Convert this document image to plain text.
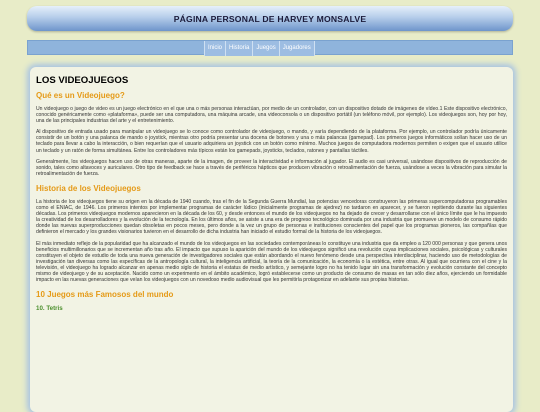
PÁGINA PERSONAL DE HARVEY MONSALVE
Inicio	Historia	Juegos	Jugadores
LOS VIDEOJUEGOS
Qué es un Videojuego?

Un videojuego o juego de video es un juego electrónico en el que una o más personas interactúan, por medio de un controlador, con un dispositivo dotado de imágenes de vídeo.1 Este dispositivo electrónico, conocido genéricamente como «plataforma», puede ser una computadora, una máquina arcade, una videoconsola o un dispositivo portátil (un teléfono móvil, por ejemplo). Los videojuegos son, hoy por hoy, una de las principales industrias del arte y el entretenimiento.

Al dispositivo de entrada usado para manipular un videojuego se lo conoce como controlador de videojuego, o mando, y varía dependiendo de la plataforma. Por ejemplo, un controlador podría únicamente consistir de un botón y una palanca de mando o joystick, mientras otro podría presentar una docena de botones y una o más palancas (gamepad). Los primeros juegos informáticos solían hacer uso de un teclado para llevar a cabo la interacción, o bien requerían que el usuario adquiriera un joystick con un botón como mínimo. Muchos juegos de computadora modernos permiten o exigen que el usuario utilice un teclado y un ratón de forma simultánea. Entre los controladores más típicos están los gamepads, joysticks, teclados, ratones y pantallas táctiles.

Generalmente, los videojuegos hacen uso de otras maneras, aparte de la imagen, de proveer la interactividad e información al jugador. El audio es casi universal, usándose dispositivos de reproducción de sonido, tales como altavoces y auriculares. Otro tipo de feedback se hace a través de periféricos hápticos que producen vibración o retroalimentación de fuerza, usándose a veces la vibración para simular la retroalimentación de fuerza.

Historia de los Videojuegos

La historia de los videojuegos tiene su origen en la década de 1940 cuando, tras el fin de la Segunda Guerra Mundial, las potencias vencedoras construyeron las primeras supercomputadoras programables como el ENIAC, de 1946. Los primeros intentos por implementar programas de carácter lúdico (inicialmente programas de ajedrez) no tardaron en aparecer, y se fueron repitiendo durante las siguientes décadas. Los primeros videojuegos modernos aparecieron en la década de los 60, y desde entonces el mundo de los videojuegos no ha dejado de crecer y desarrollarse con el único límite que le ha impuesto la creatividad de los desarrolladores y la evolución de la tecnología. En los últimos años, se asiste a una era de progreso tecnológico dominada por una industria que promueve un modelo de consumo rápido donde las nuevas superproducciones quedan obsoletas en pocos meses, pero donde a la vez un grupo de personas e instituciones conscientes del papel que los programas pioneros, las compañías que definieron el mercado y los grandes visionarios tuvieron en el desarrollo de dicha industria han iniciado el estudio formal de la historia de los videojuegos.

El más inmediato reflejo de la popularidad que ha alcanzado el mundo de los videojuegos en las sociedades contemporáneas lo constituye una industria que da empleo a 120 000 personas y que genera unos beneficios multimillonarios que se incrementan año tras año. El impacto que supuso la aparición del mundo de los videojuegos significó una revolución cuyas implicaciones sociales, psicológicas y culturales constituyen el objeto de estudio de toda una nueva generación de investigadores sociales que están abordando el nuevo fenómeno desde una perspectiva interdisciplinar, haciendo uso de metodologías de investigación tan diversas como las específicas de la antropología cultural, la inteligencia artificial, la teoría de la comunicación, la economía o la estética, entre otras. Al igual que ocurriera con el cine y la televisión, el videojuego ha logrado alcanzar en apenas medio siglo de historia el estatus de medio artístico, y semejante logro no ha tenido lugar sin una transformación y evolución constante del concepto mismo de videojuego y de su aceptación. Nacido como un experimento en el ámbito académico, logró establecerse como un producto de consumo de masas en tan sólo diez años, ejerciendo un formidable impacto en las nuevas generaciones que veían los videojuegos con un novedoso medio audiovisual que les permitiría protagonizar en adelante sus propias historias.

10 Juegos más Famosos del mundo
10. Tetris
